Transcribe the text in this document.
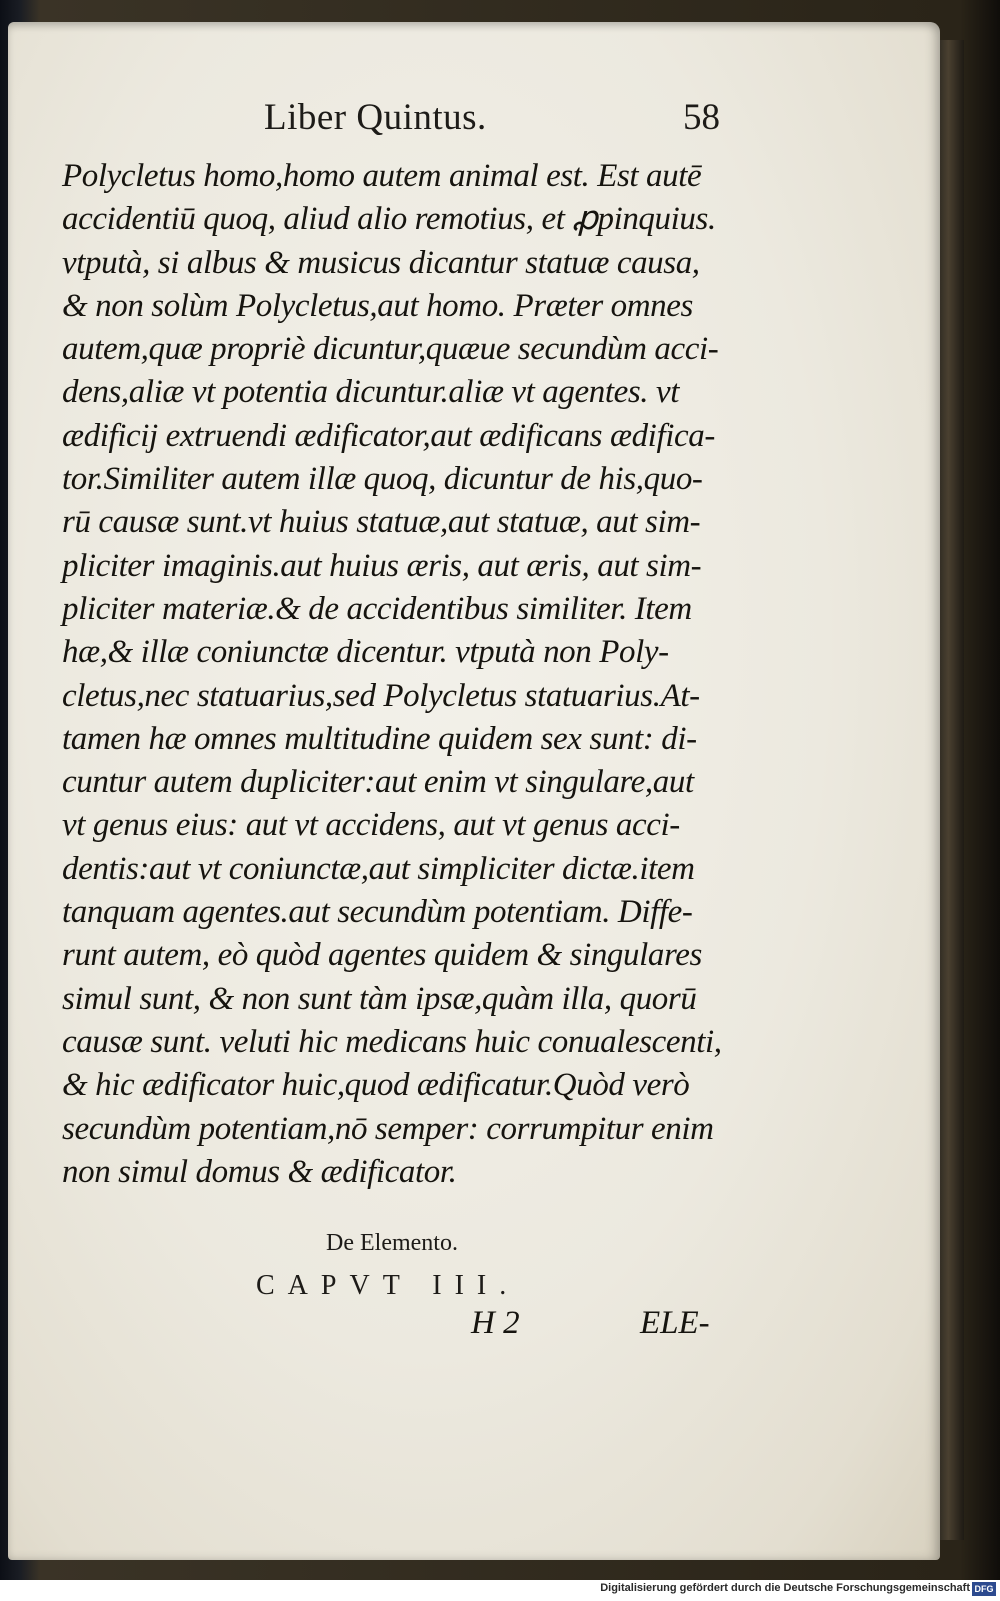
Liber Quintus.	58
Polycletus homo,homo autem animal est. Est autē
accidentiū quoq, aliud alio remotius, et ꝓpinquius.
vtputà, si albus & musicus dicantur statuæ causa,
& non solùm Polycletus,aut homo. Præter omnes
autem,quæ propriè dicuntur,quæue secundùm acci-
dens,aliæ vt potentia dicuntur.aliæ vt agentes. vt
ædificij extruendi ædificator,aut ædificans ædifica-
tor.Similiter autem illæ quoq, dicuntur de his,quo-
rū causæ sunt.vt huius statuæ,aut statuæ, aut sim-
pliciter imaginis.aut huius æris, aut æris, aut sim-
pliciter materiæ.& de accidentibus similiter. Item
hæ,& illæ coniunctæ dicentur. vtputà non Poly-
cletus,nec statuarius,sed Polycletus statuarius.At-
tamen hæ omnes multitudine quidem sex sunt: di-
cuntur autem dupliciter:aut enim vt singulare,aut
vt genus eius: aut vt accidens, aut vt genus acci-
dentis:aut vt coniunctæ,aut simpliciter dictæ.item
tanquam agentes.aut secundùm potentiam. Diffe-
runt autem, eò quòd agentes quidem & singulares
simul sunt, & non sunt tàm ipsæ,quàm illa, quorū
causæ sunt. veluti hic medicans huic conualescenti,
& hic ædificator huic,quod ædificatur.Quòd verò
secundùm potentiam,nō semper: corrumpitur enim
non simul domus & ædificator.
De Elemento.
CAPVT III.
H 2	ELE-
Digitalisierung gefördert durch die Deutsche Forschungsgemeinschaft DFG
